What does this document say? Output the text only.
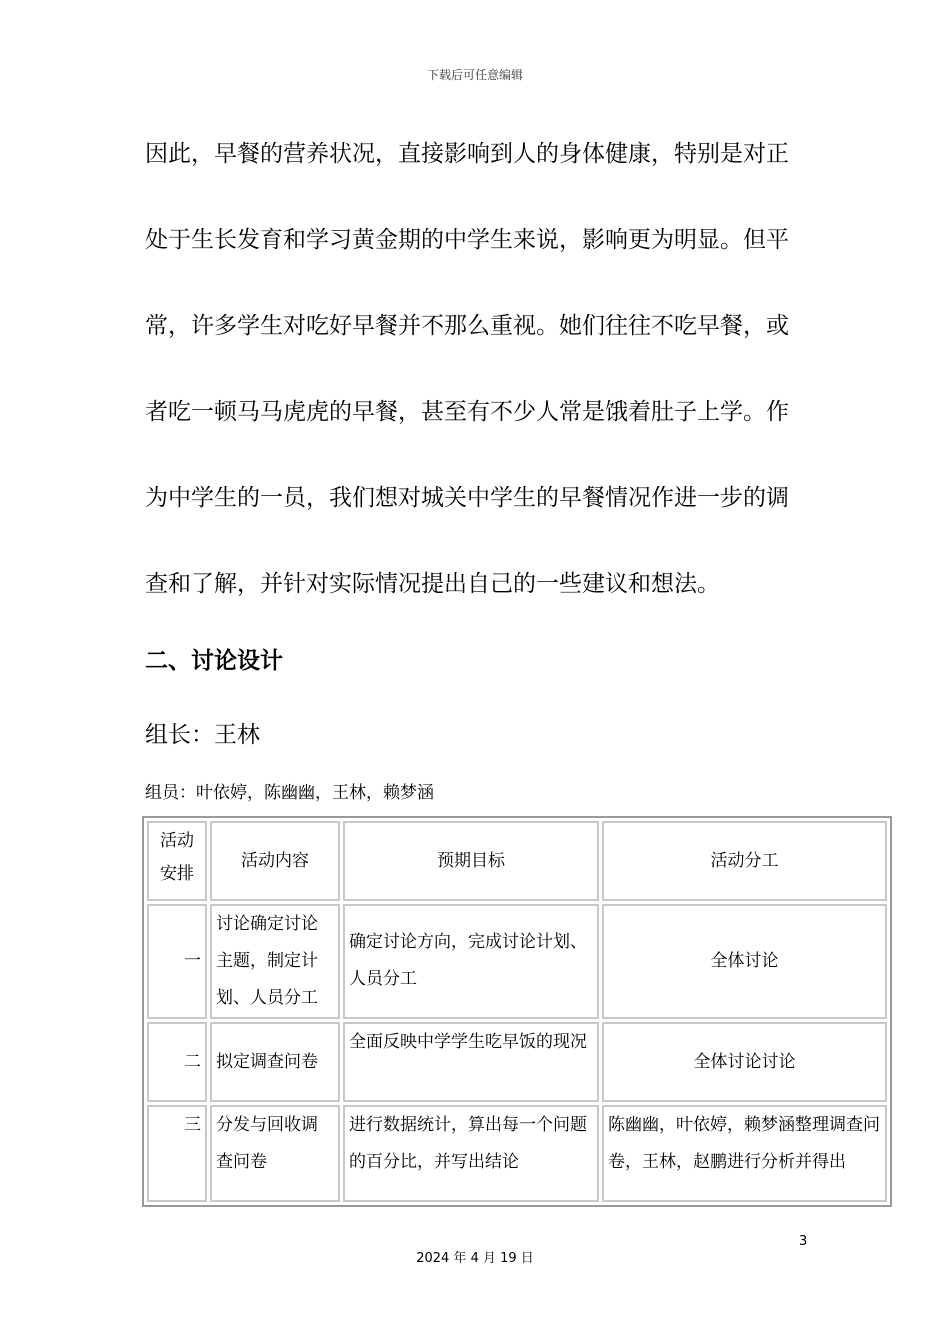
下载后可任意编辑
因此，早餐的营养状况，直接影响到人的身体健康，特别是对正
处于生长发育和学习黄金期的中学生来说，影响更为明显。但平
常，许多学生对吃好早餐并不那么重视。她们往往不吃早餐，或
者吃一顿马马虎虎的早餐，甚至有不少人常是饿着肚子上学。作
为中学生的一员，我们想对城关中学生的早餐情况作进一步的调
查和了解，并针对实际情况提出自己的一些建议和想法。
二、讨论设计
组长：王林
组员：叶依婷，陈幽幽，王林，赖梦涵
活动
安排	活动内容	预期目标	活动分工
一	讨论确定讨论主题，制定计划、人员分工	确定讨论方向，完成讨论计划、人员分工	全体讨论
二	拟定调查问卷	全面反映中学学生吃早饭的现况	全体讨论讨论
三	分发与回收调查问卷	进行数据统计，算出每一个问题的百分比，并写出结论	陈幽幽，叶依婷，赖梦涵整理调查问卷，王林，赵鹏进行分析并得出
3
2024 年 4 月 19 日
